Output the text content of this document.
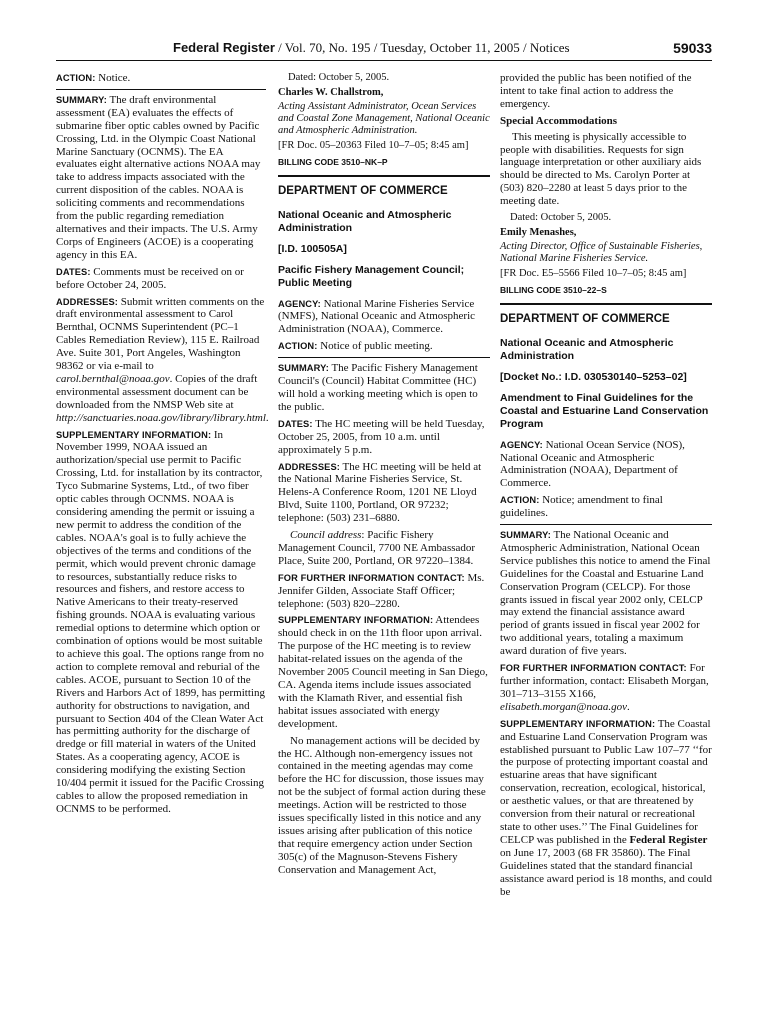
Federal Register / Vol. 70, No. 195 / Tuesday, October 11, 2005 / Notices	59033

ACTION: Notice.

SUMMARY: The draft environmental assessment (EA) evaluates the effects of submarine fiber optic cables owned by Pacific Crossing, Ltd. in the Olympic Coast National Marine Sanctuary (OCNMS). The EA evaluates eight alternative actions NOAA may take to address impacts associated with the current disposition of the cables. NOAA is soliciting comments and recommendations from the public regarding remediation alternatives and their impacts. The U.S. Army Corps of Engineers (ACOE) is a cooperating agency in this EA.

DATES: Comments must be received on or before October 24, 2005.

ADDRESSES: Submit written comments on the draft environmental assessment to Carol Bernthal, OCNMS Superintendent (PC–1 Cables Remediation Review), 115 E. Railroad Ave. Suite 301, Port Angeles, Washington 98362 or via e-mail to carol.bernthal@noaa.gov. Copies of the draft environmental assessment document can be downloaded from the NMSP Web site at http://sanctuaries.noaa.gov/library/library.html.

SUPPLEMENTARY INFORMATION: In November 1999, NOAA issued an authorization/special use permit to Pacific Crossing, Ltd. for installation by its contractor, Tyco Submarine Systems, Ltd., of two fiber optic cables through OCNMS. NOAA is considering amending the permit or issuing a new permit to address the condition of the cables. NOAA's goal is to fully achieve the objectives of the terms and conditions of the permit, which would prevent chronic damage to resources, substantially reduce risks to resources and fishers, and restore access to Native Americans to their treaty-reserved fishing grounds. NOAA is evaluating various remedial options to determine which option or combination of options would be most suitable to achieve this goal. The options range from no action to complete removal and reburial of the cables. ACOE, pursuant to Section 10 of the Rivers and Harbors Act of 1899, has permitting authority for obstructions to navigation, and pursuant to Section 404 of the Clean Water Act has permitting authority for the discharge of dredge or fill material in waters of the United States. As a cooperating agency, ACOE is considering modifying the existing Section 10/404 permit it issued for the Pacific Crossing cables to allow the proposed remediation in OCNMS to be performed.

Dated: October 5, 2005.

Charles W. Challstrom,

Acting Assistant Administrator, Ocean Services and Coastal Zone Management, National Oceanic and Atmospheric Administration.

[FR Doc. 05–20363 Filed 10–7–05; 8:45 am]

BILLING CODE 3510–NK–P

DEPARTMENT OF COMMERCE

National Oceanic and Atmospheric Administration

[I.D. 100505A]

Pacific Fishery Management Council; Public Meeting

AGENCY: National Marine Fisheries Service (NMFS), National Oceanic and Atmospheric Administration (NOAA), Commerce.

ACTION: Notice of public meeting.

SUMMARY: The Pacific Fishery Management Council's (Council) Habitat Committee (HC) will hold a working meeting which is open to the public.

DATES: The HC meeting will be held Tuesday, October 25, 2005, from 10 a.m. until approximately 5 p.m.

ADDRESSES: The HC meeting will be held at the National Marine Fisheries Service, St. Helens-A Conference Room, 1201 NE Lloyd Blvd, Suite 1100, Portland, OR 97232; telephone: (503) 231–6880.

Council address: Pacific Fishery Management Council, 7700 NE Ambassador Place, Suite 200, Portland, OR 97220–1384.

FOR FURTHER INFORMATION CONTACT: Ms. Jennifer Gilden, Associate Staff Officer; telephone: (503) 820–2280.

SUPPLEMENTARY INFORMATION: Attendees should check in on the 11th floor upon arrival. The purpose of the HC meeting is to review habitat-related issues on the agenda of the November 2005 Council meeting in San Diego, CA. Agenda items include issues associated with the Klamath River, and essential fish habitat issues associated with energy development.

No management actions will be decided by the HC. Although non-emergency issues not contained in the meeting agendas may come before the HC for discussion, those issues may not be the subject of formal action during these meetings. Action will be restricted to those issues specifically listed in this notice and any issues arising after publication of this notice that require emergency action under Section 305(c) of the Magnuson-Stevens Fishery Conservation and Management Act,

provided the public has been notified of the intent to take final action to address the emergency.

Special Accommodations

This meeting is physically accessible to people with disabilities. Requests for sign language interpretation or other auxiliary aids should be directed to Ms. Carolyn Porter at (503) 820–2280 at least 5 days prior to the meeting date.

Dated: October 5, 2005.

Emily Menashes,

Acting Director, Office of Sustainable Fisheries, National Marine Fisheries Service.

[FR Doc. E5–5566 Filed 10–7–05; 8:45 am]

BILLING CODE 3510–22–S

DEPARTMENT OF COMMERCE

National Oceanic and Atmospheric Administration

[Docket No.: I.D. 030530140–5253–02]

Amendment to Final Guidelines for the Coastal and Estuarine Land Conservation Program

AGENCY: National Ocean Service (NOS), National Oceanic and Atmospheric Administration (NOAA), Department of Commerce.

ACTION: Notice; amendment to final guidelines.

SUMMARY: The National Oceanic and Atmospheric Administration, National Ocean Service publishes this notice to amend the Final Guidelines for the Coastal and Estuarine Land Conservation Program (CELCP). For those grants issued in fiscal year 2002 only, CELCP may extend the financial assistance award period of grants issued in fiscal year 2002 for two additional years, totaling a maximum award duration of five years.

FOR FURTHER INFORMATION CONTACT: For further information, contact: Elisabeth Morgan, 301–713–3155 X166, elisabeth.morgan@noaa.gov.

SUPPLEMENTARY INFORMATION: The Coastal and Estuarine Land Conservation Program was established pursuant to Public Law 107–77 ‘‘for the purpose of protecting important coastal and estuarine areas that have significant conservation, recreation, ecological, historical, or aesthetic values, or that are threatened by conversion from their natural or recreational state to other uses.’’ The Final Guidelines for CELCP was published in the Federal Register on June 17, 2003 (68 FR 35860). The Final Guidelines stated that the standard financial assistance award period is 18 months, and could be
